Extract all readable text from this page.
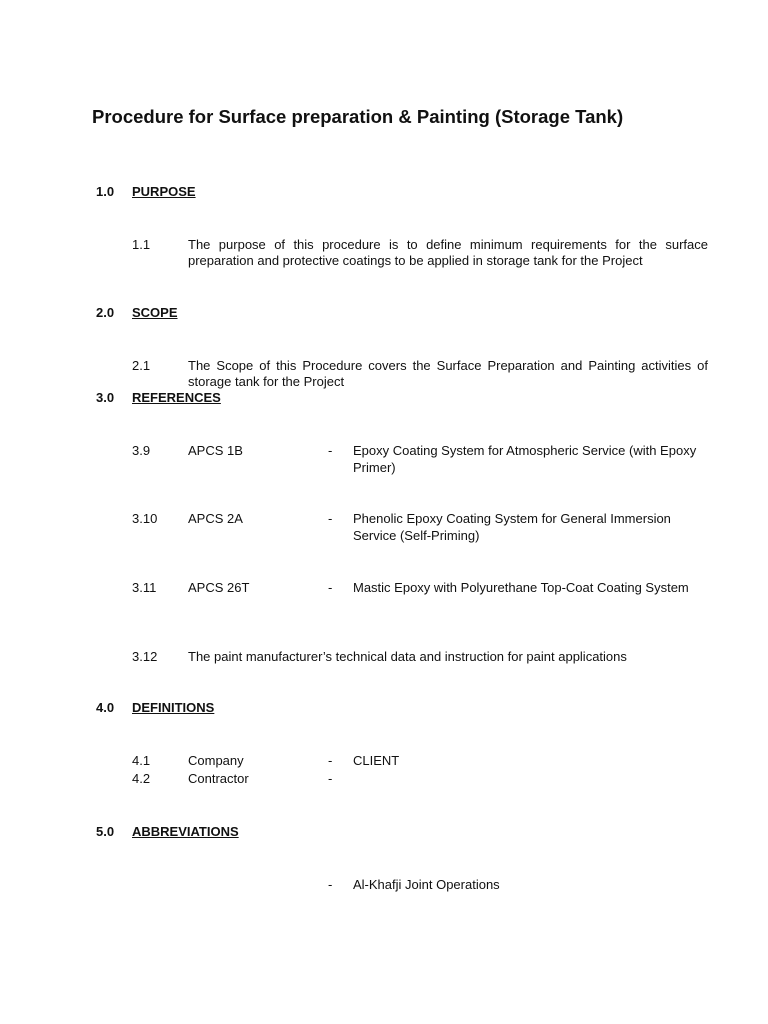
Procedure for Surface preparation & Painting (Storage Tank)
1.0 PURPOSE
1.1	The purpose of this procedure is to define minimum requirements for the surface preparation and protective coatings to be applied in storage tank for the Project
2.0 SCOPE
2.1	The Scope of this Procedure covers the Surface Preparation and Painting activities of storage tank for the Project
3.0 REFERENCES
3.9	APCS 1B	- Epoxy Coating System for Atmospheric Service (with Epoxy Primer)
3.10 APCS 2A	- Phenolic Epoxy Coating System for General Immersion Service (Self-Priming)
3.11 APCS 26T	- Mastic Epoxy with Polyurethane Top-Coat Coating System
3.12 The paint manufacturer’s technical data and instruction for paint applications
4.0 DEFINITIONS
4.1	Company	- CLIENT
4.2	Contractor	-
5.0 ABBREVIATIONS
- Al-Khafji Joint Operations
